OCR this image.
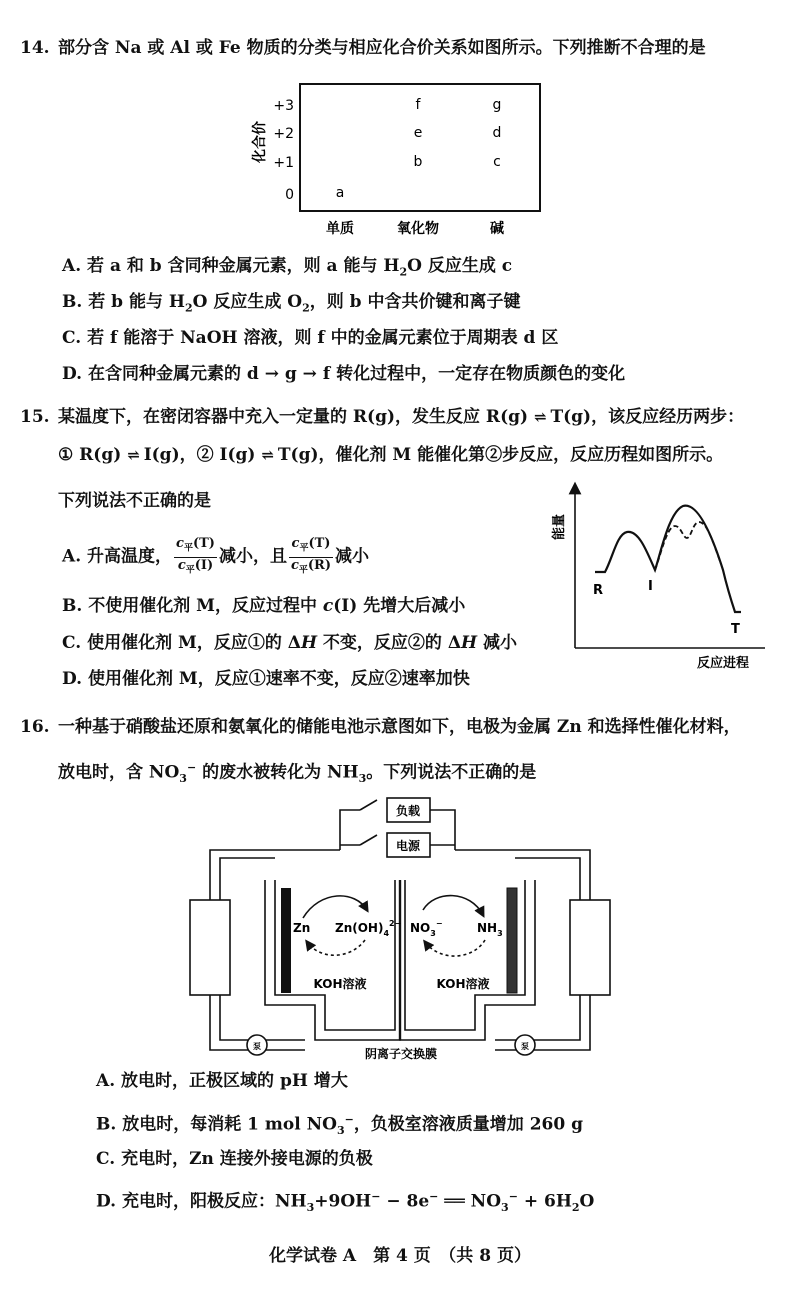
14. 部分含 Na 或 Al 或 Fe 物质的分类与相应化合价关系如图所示。下列推断不合理的是
化合价
+3
+2
+1
0	a
b
e
f
c
d
g
单质	氧化物	碱
A. 若 a 和 b 含同种金属元素，则 a 能与 $H_2O$ 反应生成 c
B. 若 b 能与 $H_2O$ 反应生成 $O_2$，则 b 中含共价键和离子键
C. 若 f 能溶于 NaOH 溶液，则 f 中的金属元素位于周期表 d 区
D. 在含同种金属元素的 d → g → f 转化过程中，一定存在物质颜色的变化
15. 某温度下，在密闭容器中充入一定量的 R(g)，发生反应 R(g) ⇌ T(g)，该反应经历两步：
① R(g) ⇌ I(g)，② I(g) ⇌ T(g)，催化剂 M 能催化第②步反应，反应历程如图所示。
下列说法不正确的是
A. 升高温度， $\frac{c_平(T)}{c_平(I)}$ 减小，且 $\frac{c_平(T)}{c_平(R)}$ 减小
B. 不使用催化剂 M，反应过程中 c(I) 先增大后减小
C. 使用催化剂 M，反应①的 ΔH 不变，反应②的 ΔH 减小
D. 使用催化剂 M，反应①速率不变，反应②速率加快
能量
反应进程
R	I
T
16. 一种基于硝酸盐还原和氨氧化的储能电池示意图如下，电极为金属 Zn 和选择性催化材料，
放电时，含 $NO_3^-$ 的废水被转化为 $NH_3$。下列说法不正确的是
负载
电源
Zn $Zn(OH)_4^{2-}$ $NO_3^-$	$NH_3$
KOH溶液	KOH溶液
阴离子交换膜
泵	泵
A. 放电时，正极区域的 pH 增大
B. 放电时，每消耗 1 mol $NO_3^-$，负极室溶液质量增加 260 g
C. 充电时，Zn 连接外接电源的负极
D. 充电时，阳极反应：$NH_3+9OH^- - 8e^-$ ══ $NO_3^- + 6H_2O$
化学试卷 A　第 4 页　（共 8 页）
